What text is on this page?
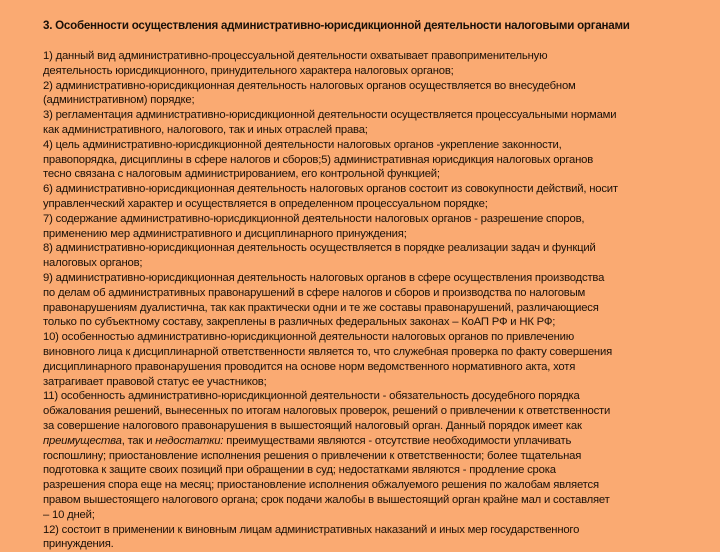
3. Особенности осуществления административно-юрисдикционной деятельности налоговыми органами
1) данный вид административно-процессуальной деятельности охватывает правоприменительную
деятельность юрисдикционного, принудительного характера налоговых органов;
2) административно-юрисдикционная деятельность налоговых органов осуществляется во внесудебном
(административном) порядке;
3) регламентация административно-юрисдикционной деятельности осуществляется процессуальными нормами
как административного, налогового, так и иных отраслей права;
4) цель административно-юрисдикционной деятельности налоговых органов -укрепление законности,
правопорядка, дисциплины в сфере налогов и сборов;5) административная юрисдикция налоговых органов
тесно связана с налоговым администрированием, его контрольной функцией;
6) административно-юрисдикционная деятельность налоговых органов состоит из совокупности действий, носит
управленческий характер и осуществляется в определенном процессуальном порядке;
7) содержание административно-юрисдикционной деятельности налоговых органов - разрешение споров,
применению мер административного и дисциплинарного принуждения;
8) административно-юрисдикционная деятельность осуществляется в порядке реализации задач и функций
налоговых органов;
9) административно-юрисдикционная деятельность налоговых органов в сфере осуществления производства
по делам об административных правонарушений в сфере налогов и сборов и производства по налоговым
правонарушениям дуалистична, так как практически одни и те же составы правонарушений, различающиеся
только по субъектному составу, закреплены в различных федеральных законах – КоАП РФ и НК РФ;
10) особенностью административно-юрисдикционной деятельности налоговых органов по привлечению
виновного лица к дисциплинарной ответственности является то, что служебная проверка по факту совершения
дисциплинарного правонарушения проводится на основе норм ведомственного нормативного акта, хотя
затрагивает правовой статус ее участников;
11) особенность административно-юрисдикционной деятельности - обязательность досудебного порядка
обжалования решений, вынесенных по итогам налоговых проверок, решений о привлечении к ответственности
за совершение налогового правонарушения в вышестоящий налоговый орган. Данный порядок имеет как
преимущества, так и недостатки: преимуществами являются - отсутствие необходимости уплачивать
госпошлину; приостановление исполнения решения о привлечении к ответственности; более тщательная
подготовка к защите своих позиций при обращении в суд; недостатками являются - продление срока
разрешения спора еще на месяц; приостановление исполнения обжалуемого решения по жалобам является
правом вышестоящего налогового органа; срок подачи жалобы в вышестоящий орган крайне мал и составляет
– 10 дней;
12) состоит в применении к виновным лицам административных наказаний и иных мер государственного
принуждения.
